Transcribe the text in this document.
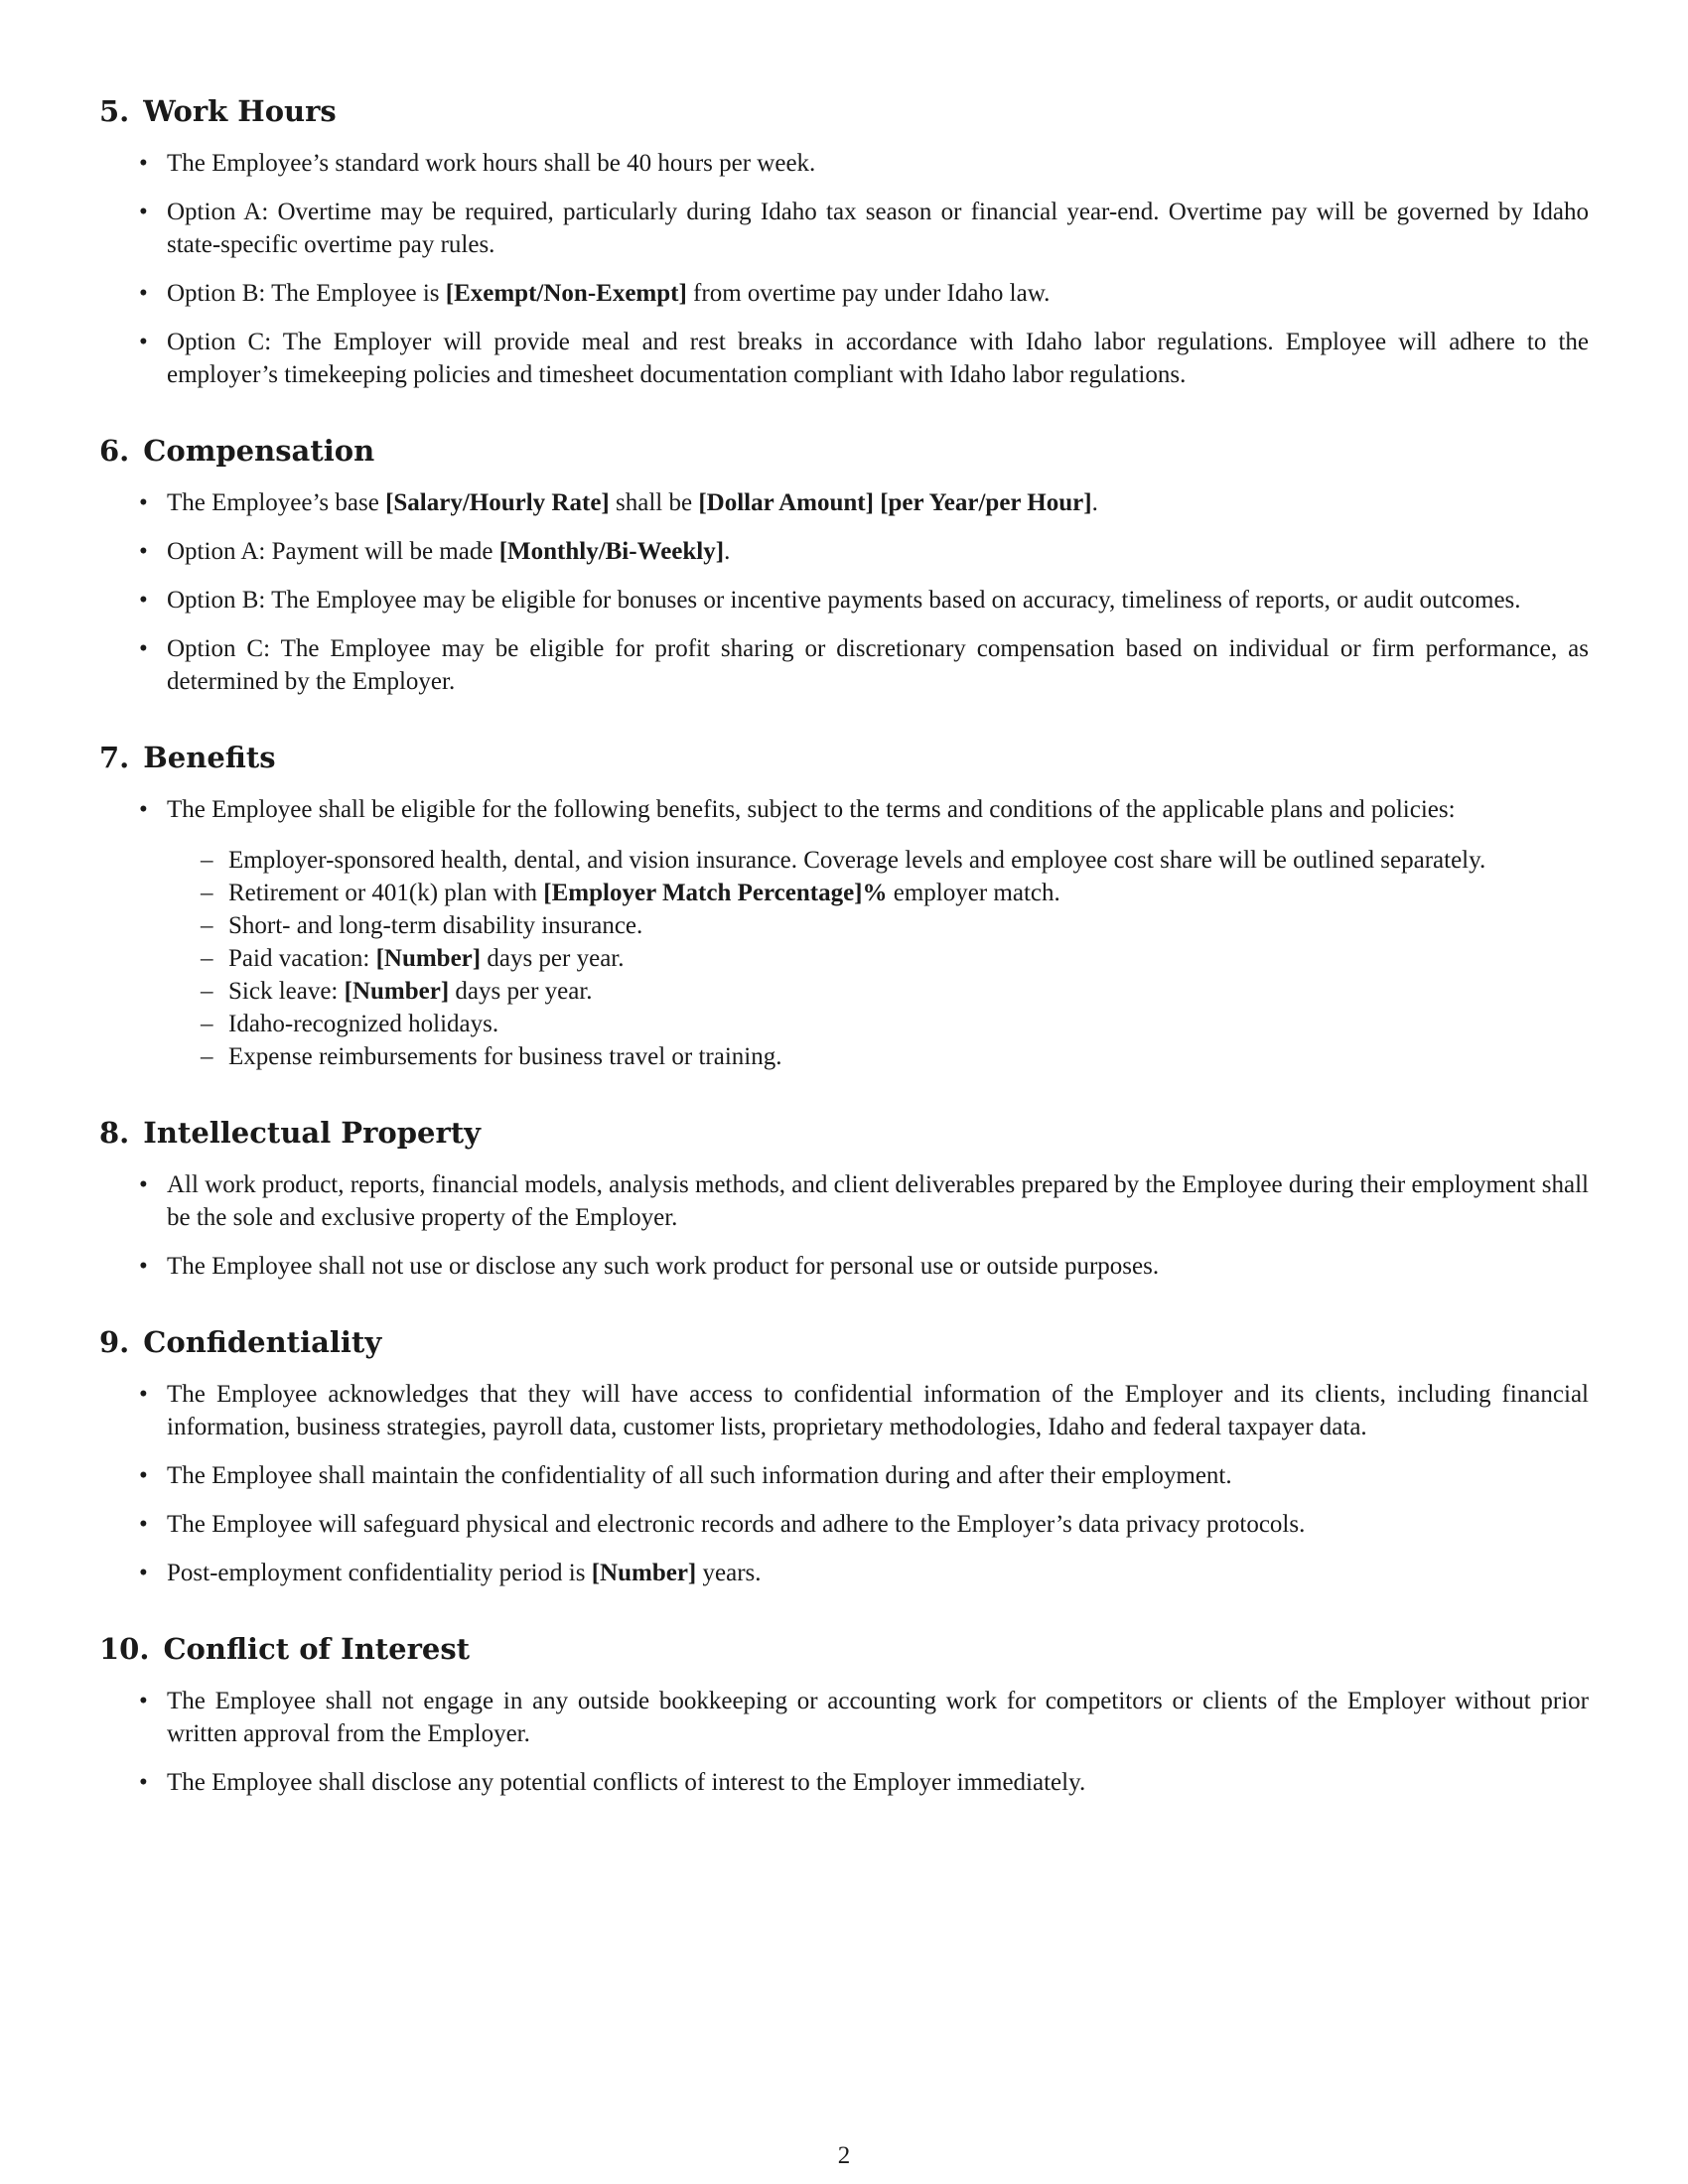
5. Work Hours
• The Employee’s standard work hours shall be 40 hours per week.
• Option A: Overtime may be required, particularly during Idaho tax season or financial year-end. Overtime pay will be governed by Idaho state-specific overtime pay rules.
• Option B: The Employee is [Exempt/Non-Exempt] from overtime pay under Idaho law.
• Option C: The Employer will provide meal and rest breaks in accordance with Idaho labor regulations. Employee will adhere to the employer’s timekeeping policies and timesheet documentation compliant with Idaho labor regulations.
6. Compensation
• The Employee’s base [Salary/Hourly Rate] shall be [Dollar Amount] [per Year/per Hour].
• Option A: Payment will be made [Monthly/Bi-Weekly].
• Option B: The Employee may be eligible for bonuses or incentive payments based on accuracy, timeliness of reports, or audit outcomes.
• Option C: The Employee may be eligible for profit sharing or discretionary compensation based on individual or firm performance, as determined by the Employer.
7. Benefits
• The Employee shall be eligible for the following benefits, subject to the terms and conditions of the applicable plans and policies:
– Employer-sponsored health, dental, and vision insurance. Coverage levels and employee cost share will be outlined separately.
– Retirement or 401(k) plan with [Employer Match Percentage]% employer match.
– Short- and long-term disability insurance.
– Paid vacation: [Number] days per year.
– Sick leave: [Number] days per year.
– Idaho-recognized holidays.
– Expense reimbursements for business travel or training.
8. Intellectual Property
• All work product, reports, financial models, analysis methods, and client deliverables prepared by the Employee during their employment shall be the sole and exclusive property of the Employer.
• The Employee shall not use or disclose any such work product for personal use or outside purposes.
9. Confidentiality
• The Employee acknowledges that they will have access to confidential information of the Employer and its clients, including financial information, business strategies, payroll data, customer lists, proprietary methodologies, Idaho and federal taxpayer data.
• The Employee shall maintain the confidentiality of all such information during and after their employment.
• The Employee will safeguard physical and electronic records and adhere to the Employer’s data privacy protocols.
• Post-employment confidentiality period is [Number] years.
10. Conflict of Interest
• The Employee shall not engage in any outside bookkeeping or accounting work for competitors or clients of the Employer without prior written approval from the Employer.
• The Employee shall disclose any potential conflicts of interest to the Employer immediately.
2
